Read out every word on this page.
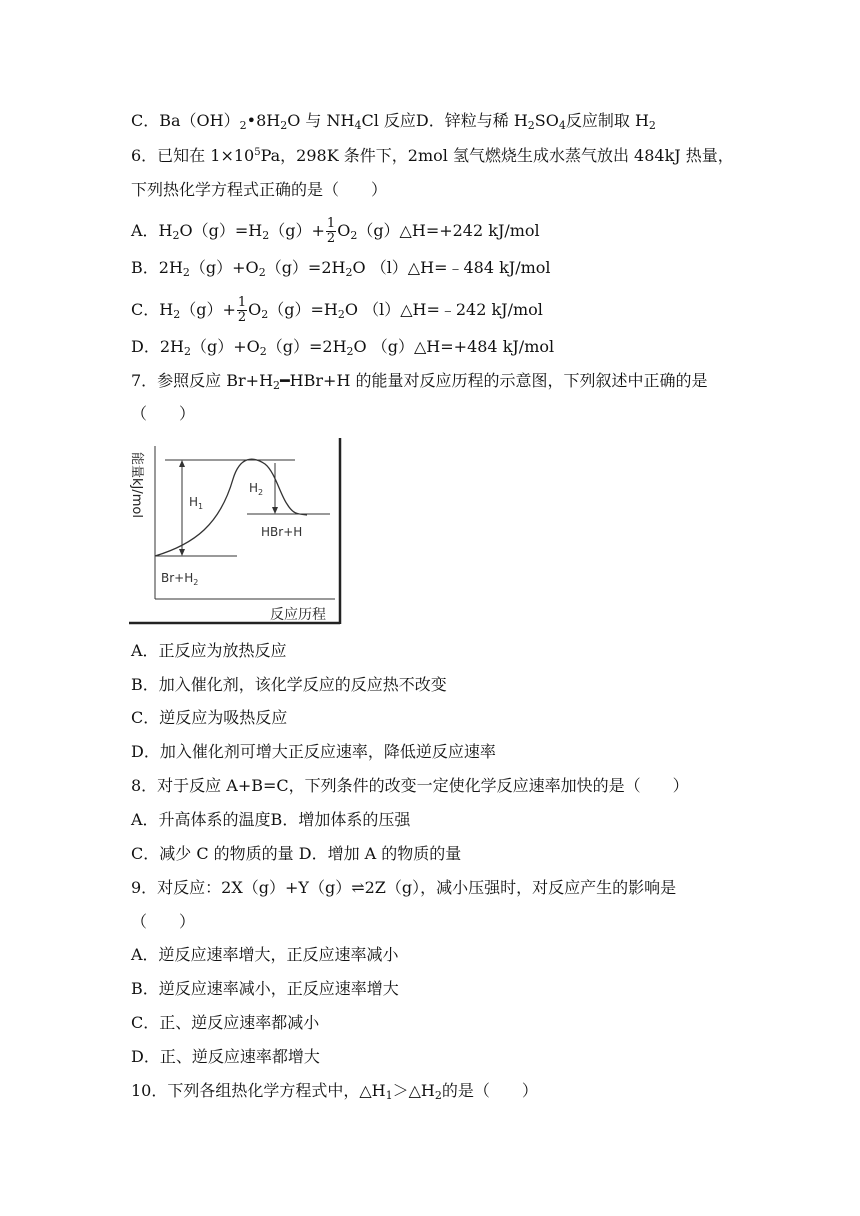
C．$Ba(OH)_2•8H_2O$ 与 $NH_4Cl$ 反应D．锌粒与稀 $H_2SO_4$反应制取 $H_2$
6．已知在 $1\times 10^5Pa$，298K 条件下，2mol 氢气燃烧生成水蒸气放出 484kJ 热量，
下列热化学方程式正确的是（　　）
A．$H_2O(g)=H_2(g)+ \frac{1}{2}$ $O_2(g)\triangle H=+242$ kJ/mol
B．$2H_2(g)+O_2(g)=2H_2O$ （l）△H=﹣484 kJ/mol
C．$H_2(g)+ \frac{1}{2} O_2(g)=H_2O$ （l）△H=﹣242 kJ/mol
D．$2H_2(g)+O_2(g)=2H_2O$ （g）△H=+484 kJ/mol
7．参照反应 $Br+H_2━HBr+H$ 的能量对反应历程的示意图，下列叙述中正确的是
（　　）
$H_1$
$H_2$
HBr+H
$Br+H_2$
能量kJ/mol
反应历程
A．正反应为放热反应
B．加入催化剂，该化学反应的反应热不改变
C．逆反应为吸热反应
D．加入催化剂可增大正反应速率，降低逆反应速率
8．对于反应 A+B=C，下列条件的改变一定使化学反应速率加快的是（　　）
A．升高体系的温度B．增加体系的压强
C．减少 C 的物质的量 D．增加 A 的物质的量
9．对反应：2X（g）+Y（g）⇌2Z（g），减小压强时，对反应产生的影响是
（　　）
A．逆反应速率增大，正反应速率减小
B．逆反应速率减小，正反应速率增大
C．正、逆反应速率都减小
D．正、逆反应速率都增大
10．下列各组热化学方程式中，$\triangle H_1>\triangle H_2$的是（　　）
